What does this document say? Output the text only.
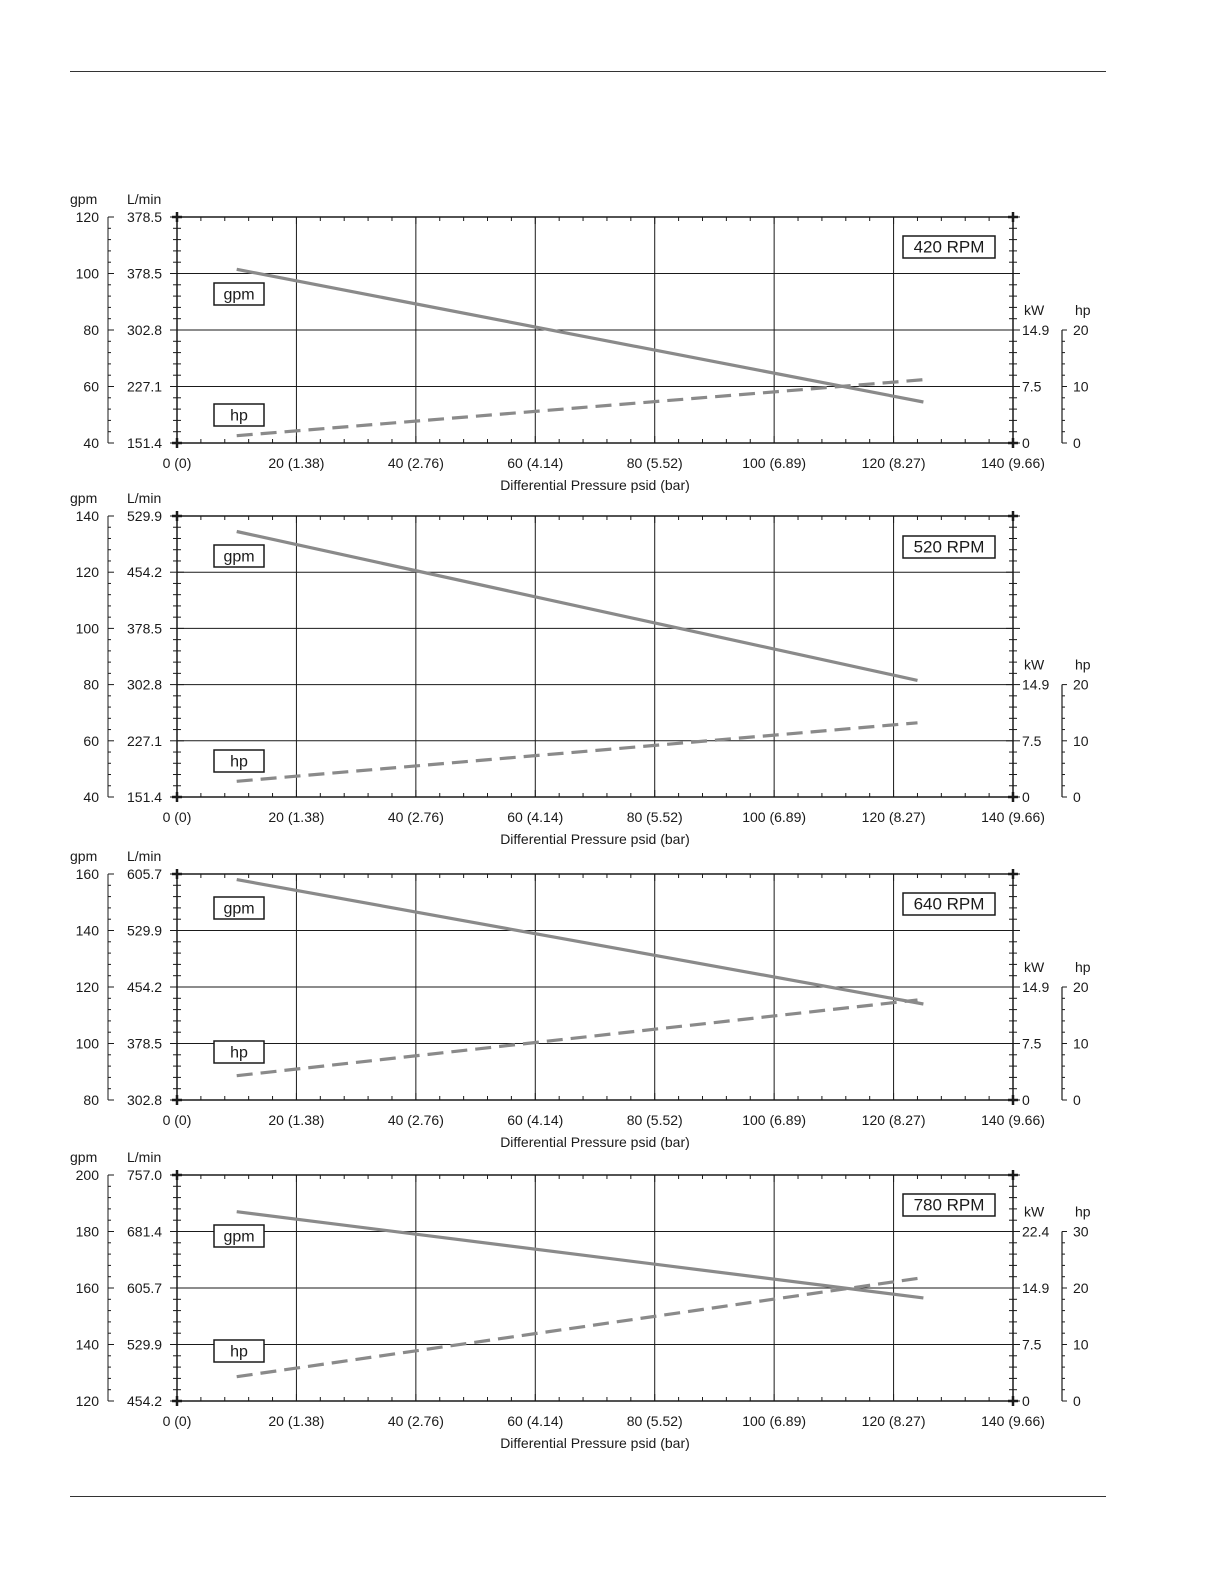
120
100
80
60
40
378.5
378.5
302.8
227.1
151.4
gpm L/min
14.9
7.5
0
20
10
0
kW hp
0 (0)	20 (1.38)	40 (2.76)	60 (4.14)	80 (5.52)	100 (6.89)	120 (8.27)	140 (9.66)
Differential Pressure psid (bar)
gpm
hp
420 RPM
140
120
100
80
60
40
529.9
454.2
378.5
302.8
227.1
151.4
gpm L/min
14.9
7.5
0
20
10
0
kW hp
0 (0)	20 (1.38)	40 (2.76)	60 (4.14)	80 (5.52)	100 (6.89)	120 (8.27)	140 (9.66)
Differential Pressure psid (bar)
gpm
hp
520 RPM
160
140
120
100
80
605.7
529.9
454.2
378.5
302.8
gpm L/min
14.9
7.5
0
20
10
0
kW hp
0 (0)	20 (1.38)	40 (2.76)	60 (4.14)	80 (5.52)	100 (6.89)	120 (8.27)	140 (9.66)
Differential Pressure psid (bar)
gpm
hp
640 RPM
200
180
160
140
120
757.0
681.4
605.7
529.9
454.2
gpm L/min
22.4
14.9
7.5
0
30
20
10
0
kW hp
0 (0)	20 (1.38)	40 (2.76)	60 (4.14)	80 (5.52)	100 (6.89)	120 (8.27)	140 (9.66)
Differential Pressure psid (bar)
gpm
hp
780 RPM
